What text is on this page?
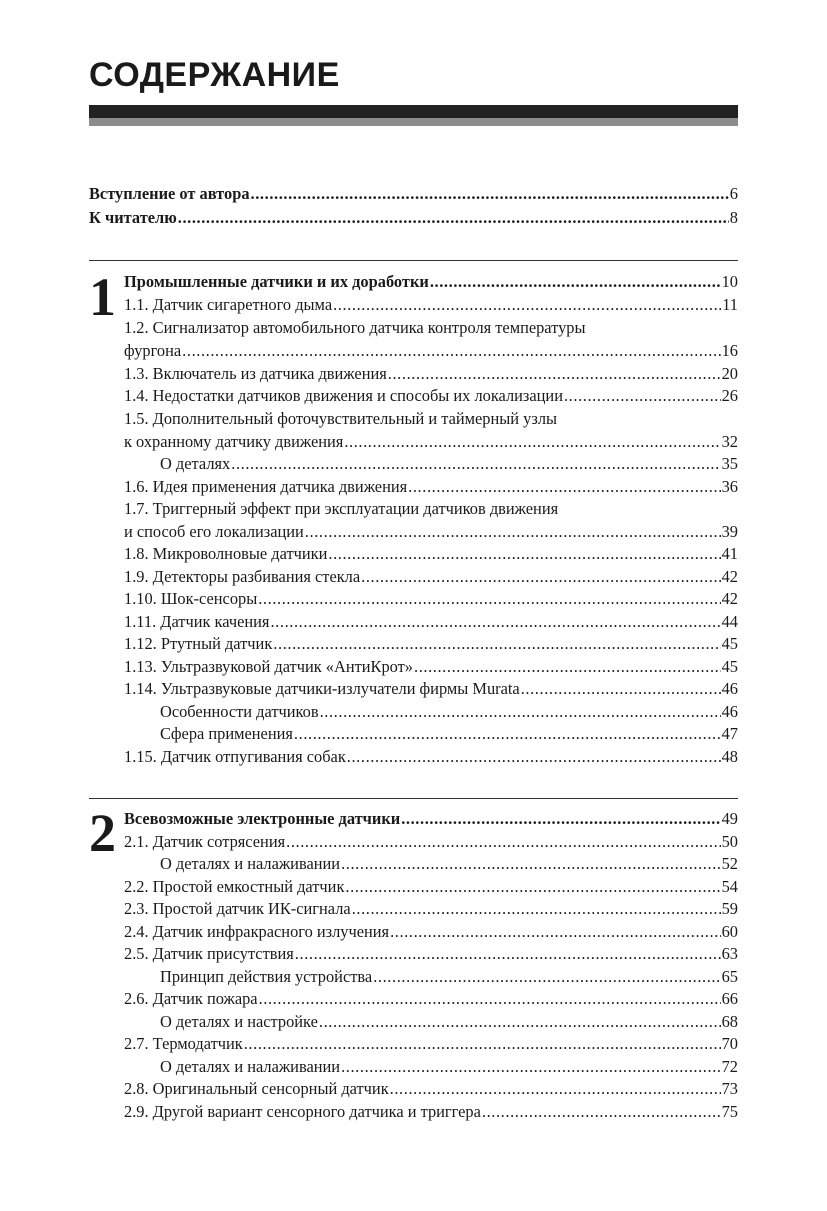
СОДЕРЖАНИЕ
Вступление от автора .....	6
К читателю .....	8
1 Промышленные датчики и их доработки .....	10
1.1. Датчик сигаретного дыма .....	11
1.2. Сигнализатор автомобильного датчика контроля температуры
фургона .....	16
1.3. Включатель из датчика движения .....	20
1.4. Недостатки датчиков движения и способы их локализации .....	26
1.5. Дополнительный фоточувствительный и таймерный узлы
к охранному датчику движения .....	32
О деталях .....	35
1.6. Идея применения датчика движения .....	36
1.7. Триггерный эффект при эксплуатации датчиков движения
и способ его локализации .....	39
1.8. Микроволновые датчики .....	41
1.9. Детекторы разбивания стекла .....	42
1.10. Шок-сенсоры .....	42
1.11. Датчик качения .....	44
1.12. Ртутный датчик .....	45
1.13. Ультразвуковой датчик «АнтиКрот» .....	45
1.14. Ультразвуковые датчики-излучатели фирмы Murata .....	46
Особенности датчиков .....	46
Сфера применения .....	47
1.15. Датчик отпугивания собак .....	48
2 Всевозможные электронные датчики .....	49
2.1. Датчик сотрясения .....	50
О деталях и налаживании .....	52
2.2. Простой емкостный датчик .....	54
2.3. Простой датчик ИК-сигнала .....	59
2.4. Датчик инфракрасного излучения .....	60
2.5. Датчик присутствия .....	63
Принцип действия устройства .....	65
2.6. Датчик пожара .....	66
О деталях и настройке .....	68
2.7. Термодатчик .....	70
О деталях и налаживании .....	72
2.8. Оригинальный сенсорный датчик .....	73
2.9. Другой вариант сенсорного датчика и триггера .....	75
